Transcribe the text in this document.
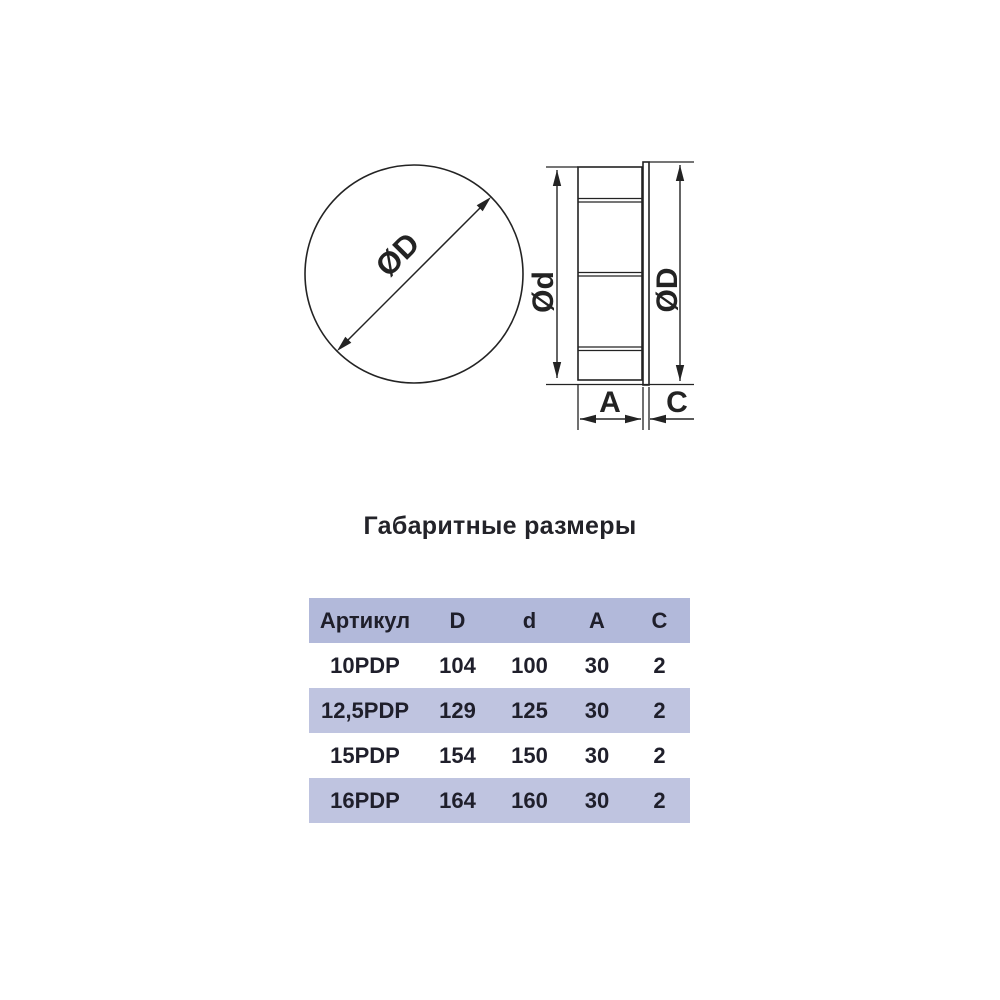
ØD
Ød	ØD
A C
Габаритные размеры
Артикул	D	d	A	C
10PDP	104	100	30	2
12,5PDP	129	125	30	2
15PDP	154	150	30	2
16PDP	164	160	30	2
